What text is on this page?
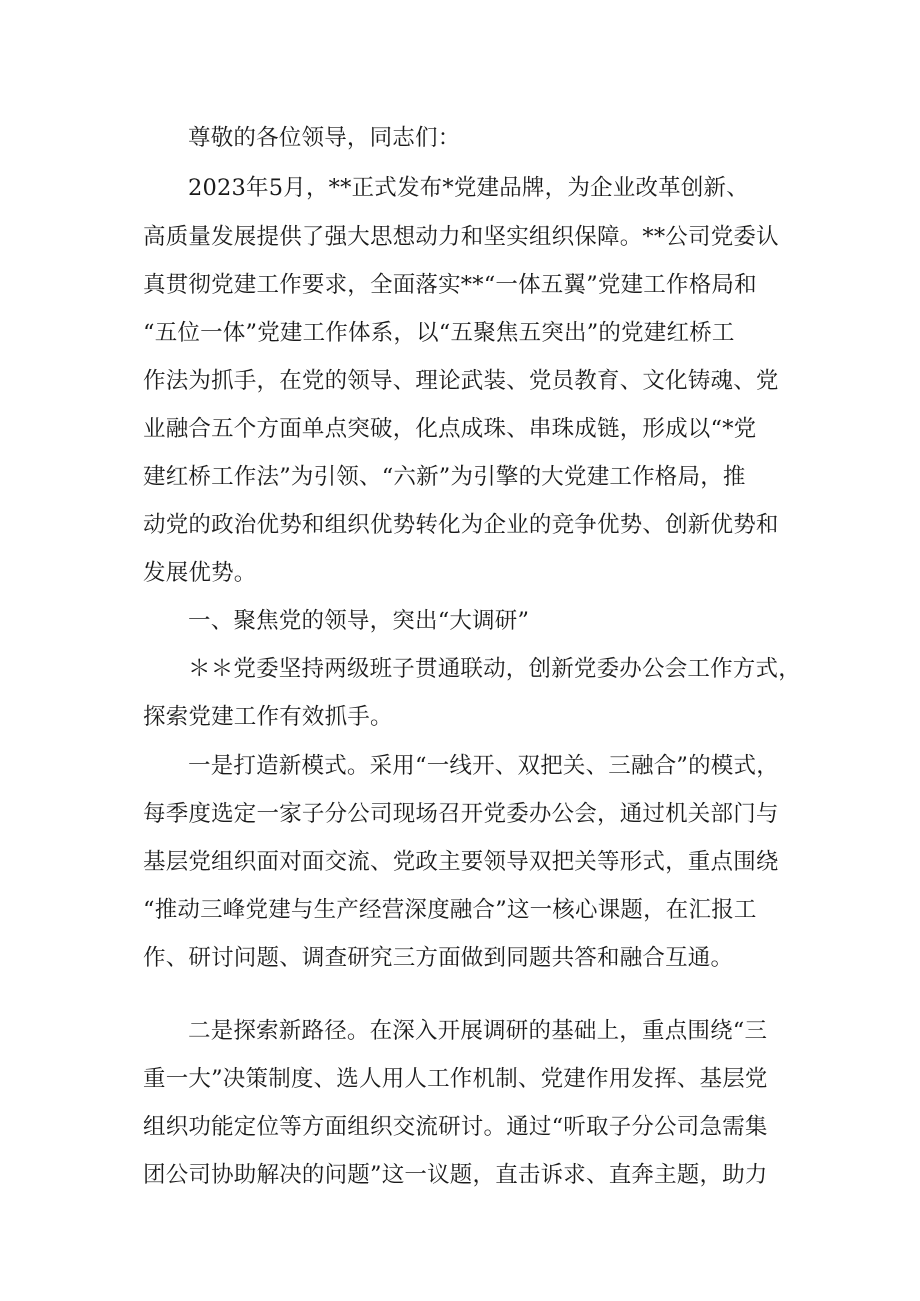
尊敬的各位领导，同志们：
2023年5月，**正式发布*党建品牌，为企业改革创新、
高质量发展提供了强大思想动力和坚实组织保障。**公司党委认
真贯彻党建工作要求，全面落实**“一体五翼”党建工作格局和
“五位一体”党建工作体系，以“五聚焦五突出”的党建红桥工
作法为抓手，在党的领导、理论武装、党员教育、文化铸魂、党
业融合五个方面单点突破，化点成珠、串珠成链，形成以“*党
建红桥工作法”为引领、“六新”为引擎的大党建工作格局，推
动党的政治优势和组织优势转化为企业的竞争优势、创新优势和
发展优势。
一、聚焦党的领导，突出“大调研”
＊＊党委坚持两级班子贯通联动，创新党委办公会工作方式，
探索党建工作有效抓手。
一是打造新模式。采用“一线开、双把关、三融合”的模式，
每季度选定一家子分公司现场召开党委办公会，通过机关部门与
基层党组织面对面交流、党政主要领导双把关等形式，重点围绕
“推动三峰党建与生产经营深度融合”这一核心课题，在汇报工
作、研讨问题、调查研究三方面做到同题共答和融合互通。
二是探索新路径。在深入开展调研的基础上，重点围绕“三
重一大”决策制度、选人用人工作机制、党建作用发挥、基层党
组织功能定位等方面组织交流研讨。通过“听取子分公司急需集
团公司协助解决的问题”这一议题，直击诉求、直奔主题，助力
